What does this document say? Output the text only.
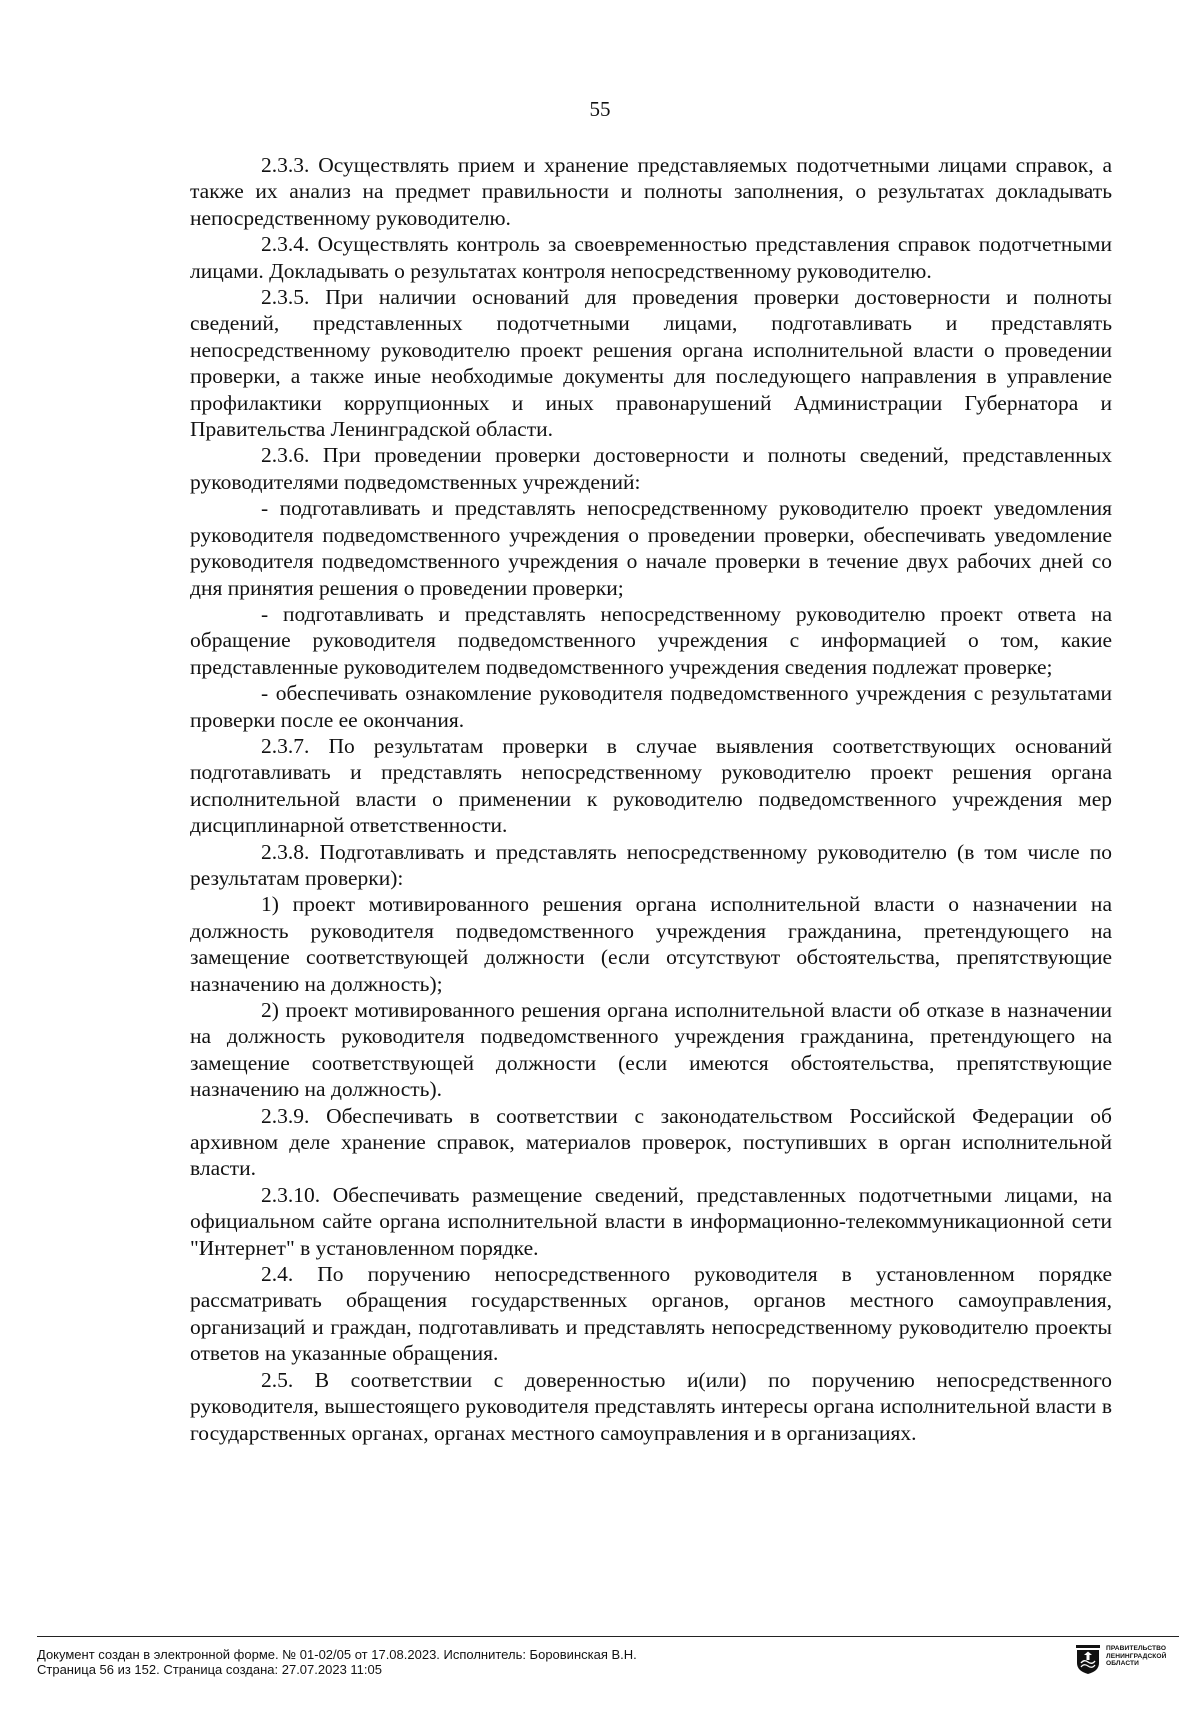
55

2.3.3. Осуществлять прием и хранение представляемых подотчетными лицами справок, а также их анализ на предмет правильности и полноты заполнения, о результатах докладывать непосредственному руководителю.

2.3.4. Осуществлять контроль за своевременностью представления справок подотчетными лицами. Докладывать о результатах контроля непосредственному руководителю.

2.3.5. При наличии оснований для проведения проверки достоверности и полноты сведений, представленных подотчетными лицами, подготавливать и представлять непосредственному руководителю проект решения органа исполнительной власти о проведении проверки, а также иные необходимые документы для последующего направления в управление профилактики коррупционных и иных правонарушений Администрации Губернатора и Правительства Ленинградской области.

2.3.6. При проведении проверки достоверности и полноты сведений, представленных руководителями подведомственных учреждений:

- подготавливать и представлять непосредственному руководителю проект уведомления руководителя подведомственного учреждения о проведении проверки, обеспечивать уведомление руководителя подведомственного учреждения о начале проверки в течение двух рабочих дней со дня принятия решения о проведении проверки;

- подготавливать и представлять непосредственному руководителю проект ответа на обращение руководителя подведомственного учреждения с информацией о том, какие представленные руководителем подведомственного учреждения сведения подлежат проверке;

- обеспечивать ознакомление руководителя подведомственного учреждения с результатами проверки после ее окончания.

2.3.7. По результатам проверки в случае выявления соответствующих оснований подготавливать и представлять непосредственному руководителю проект решения органа исполнительной власти о применении к руководителю подведомственного учреждения мер дисциплинарной ответственности.

2.3.8. Подготавливать и представлять непосредственному руководителю (в том числе по результатам проверки):

1) проект мотивированного решения органа исполнительной власти о назначении на должность руководителя подведомственного учреждения гражданина, претендующего на замещение соответствующей должности (если отсутствуют обстоятельства, препятствующие назначению на должность);

2) проект мотивированного решения органа исполнительной власти об отказе в назначении на должность руководителя подведомственного учреждения гражданина, претендующего на замещение соответствующей должности (если имеются обстоятельства, препятствующие назначению на должность).

2.3.9. Обеспечивать в соответствии с законодательством Российской Федерации об архивном деле хранение справок, материалов проверок, поступивших в орган исполнительной власти.

2.3.10. Обеспечивать размещение сведений, представленных подотчетными лицами, на официальном сайте органа исполнительной власти в информационно-телекоммуникационной сети "Интернет" в установленном порядке.

2.4. По поручению непосредственного руководителя в установленном порядке рассматривать обращения государственных органов, органов местного самоуправления, организаций и граждан, подготавливать и представлять непосредственному руководителю проекты ответов на указанные обращения.

2.5. В соответствии с доверенностью и(или) по поручению непосредственного руководителя, вышестоящего руководителя представлять интересы органа исполнительной власти в государственных органах, органах местного самоуправления и в организациях.

Документ создан в электронной форме. № 01-02/05 от 17.08.2023. Исполнитель: Боровинская В.Н.
Страница 56 из 152. Страница создана: 27.07.2023 11:05
ПРАВИТЕЛЬСТВО
ЛЕНИНГРАДСКОЙ
ОБЛАСТИ
